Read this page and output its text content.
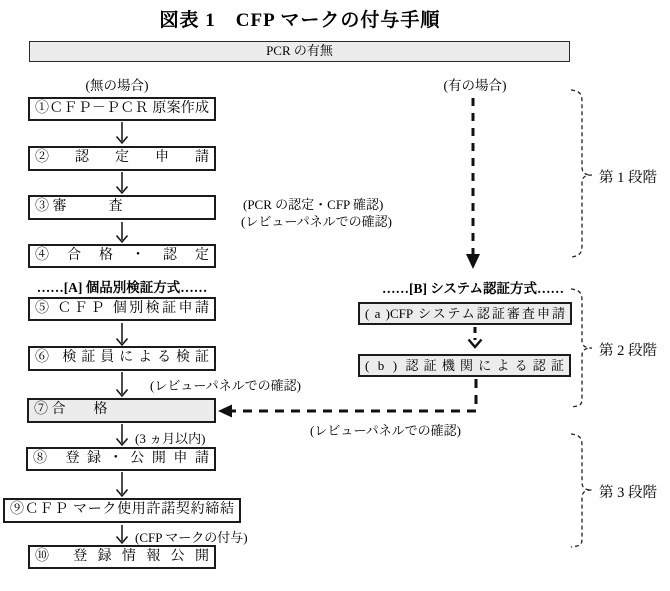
図表 1　CFP マークの付与手順
PCR の有無
(無の場合)	(有の場合)
①ＣＦＰ－ＰＣＲ 原案作成
② 認 定 申 請
③ 審　　　査
④ 合 格 ・ 認 定
……[A] 個品別検証方式……
⑤ ＣＦＰ 個別検証申請
⑥ 検証員による検証
⑦ 合　　格
⑧ 登録・公開申請
⑨ＣＦＰ マーク使用許諾契約締結
⑩ 登録情報公開
……[B] システム認証方式……
( a )CFP システム認証審査申請
( b ) 認証機関による認証
(PCR の認定・CFP 確認)
(レビューパネルでの確認)
(レビューパネルでの確認)
(3 ヵ月以内)
(レビューパネルでの確認)
(CFP マークの付与)
第 1 段階
第 2 段階
第 3 段階
